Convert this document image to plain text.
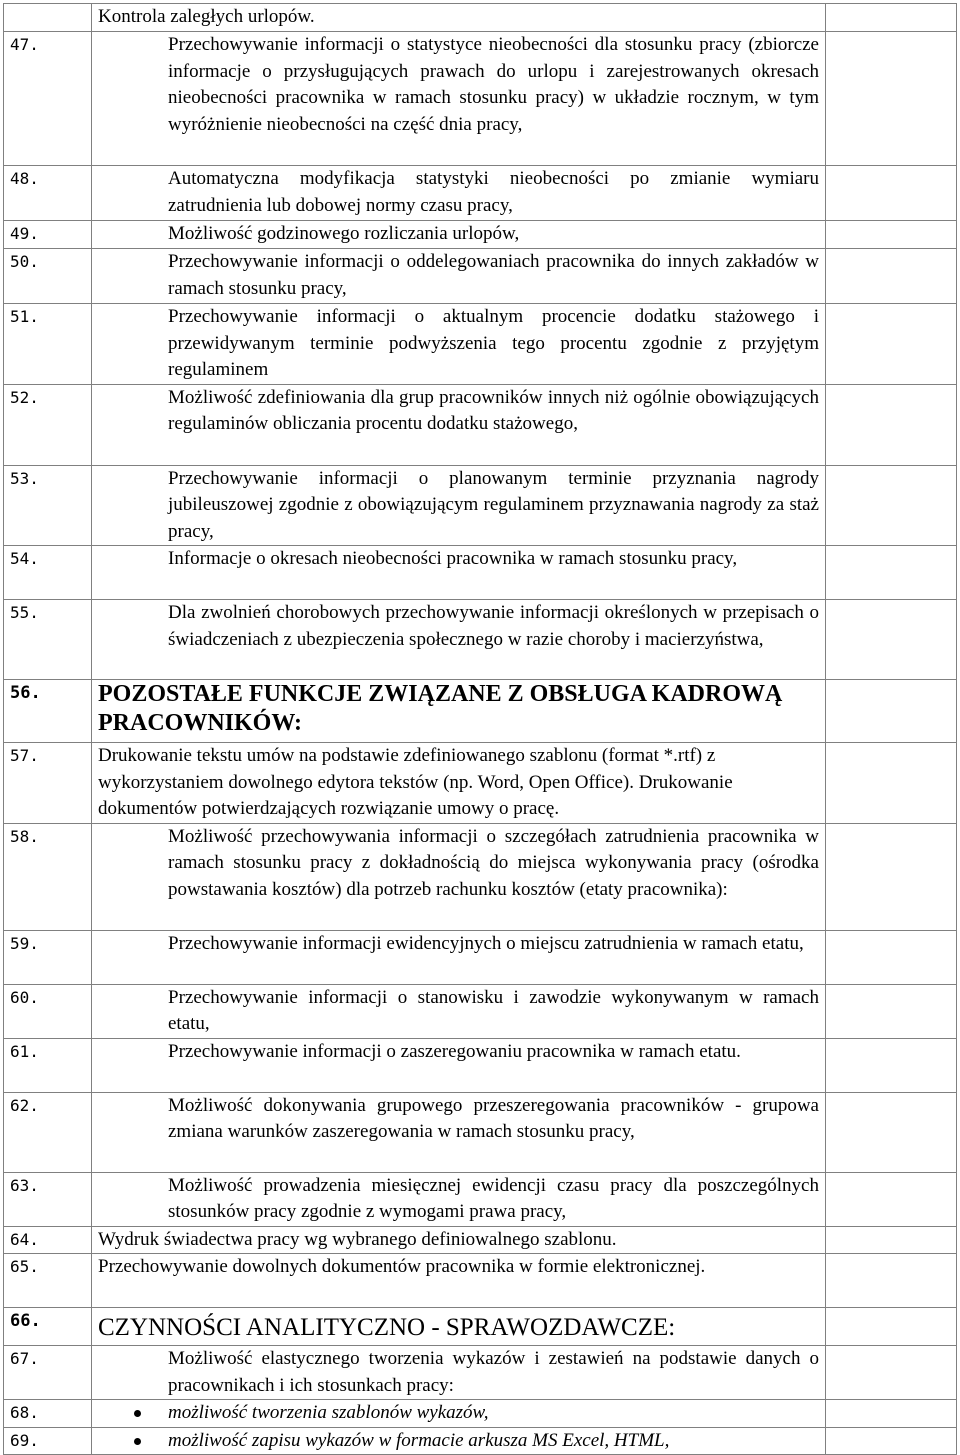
	Kontrola zaległych urlopów.	
47.	Przechowywanie informacji o statystyce nieobecności dla stosunku pracy (zbiorcze informacje o przysługujących prawach do urlopu i zarejestrowanych okresach nieobecności pracownika w ramach stosunku pracy) w układzie rocznym, w tym wyróżnienie nieobecności na część dnia pracy,	

48.	Automatyczna modyfikacja statystyki nieobecności po zmianie wymiaru zatrudnienia lub dobowej normy czasu pracy,	

49.	Możliwość godzinowego rozliczania urlopów,	

50.	Przechowywanie informacji o oddelegowaniach pracownika do innych zakładów w ramach stosunku pracy,	

51.	Przechowywanie informacji o aktualnym procencie dodatku stażowego i przewidywanym terminie podwyższenia tego procentu zgodnie z przyjętym regulaminem	

52.	Możliwość zdefiniowania dla grup pracowników innych niż ogólnie obowiązujących regulaminów obliczania procentu dodatku stażowego,	

53.	Przechowywanie informacji o planowanym terminie przyznania nagrody jubileuszowej zgodnie z obowiązującym regulaminem przyznawania nagrody za staż pracy,	

54.	Informacje o okresach nieobecności pracownika w ramach stosunku pracy,	

55.	Dla zwolnień chorobowych przechowywanie informacji określonych w przepisach o świadczeniach z ubezpieczenia społecznego w razie choroby i macierzyństwa,	

56.	POZOSTAŁE FUNKCJE ZWIĄZANE Z OBSŁUGA KADROWĄ PRACOWNIKÓW:	
57.	Drukowanie tekstu umów na podstawie zdefiniowanego szablonu (format *.rtf) z wykorzystaniem dowolnego edytora tekstów (np. Word, Open Office). Drukowanie dokumentów potwierdzających rozwiązanie umowy o pracę.	
58.	Możliwość przechowywania informacji o szczegółach zatrudnienia pracownika w ramach stosunku pracy z dokładnością do miejsca wykonywania pracy (ośrodka powstawania kosztów) dla potrzeb rachunku kosztów (etaty pracownika):	

59.	Przechowywanie informacji ewidencyjnych o miejscu zatrudnienia w ramach etatu,	

60.	Przechowywanie informacji o stanowisku i zawodzie wykonywanym w ramach etatu,	

61.	Przechowywanie informacji o zaszeregowaniu pracownika w ramach etatu.	

62.	Możliwość dokonywania grupowego przeszeregowania pracowników - grupowa zmiana warunków zaszeregowania w ramach stosunku pracy,	

63.	Możliwość prowadzenia miesięcznej ewidencji czasu pracy dla poszczególnych stosunków pracy zgodnie z wymogami prawa pracy,	

64.	Wydruk świadectwa pracy wg wybranego definiowalnego szablonu.	
65.	Przechowywanie dowolnych dokumentów pracownika w formie elektronicznej.	
66.	CZYNNOŚCI ANALITYCZNO - SPRAWOZDAWCZE:	
67.	Możliwość elastycznego tworzenia wykazów i zestawień na podstawie danych o pracownikach i ich stosunkach pracy:	

68.	możliwość tworzenia szablonów wykazów,	

69.	możliwość zapisu wykazów w formacie arkusza MS Excel, HTML,	
